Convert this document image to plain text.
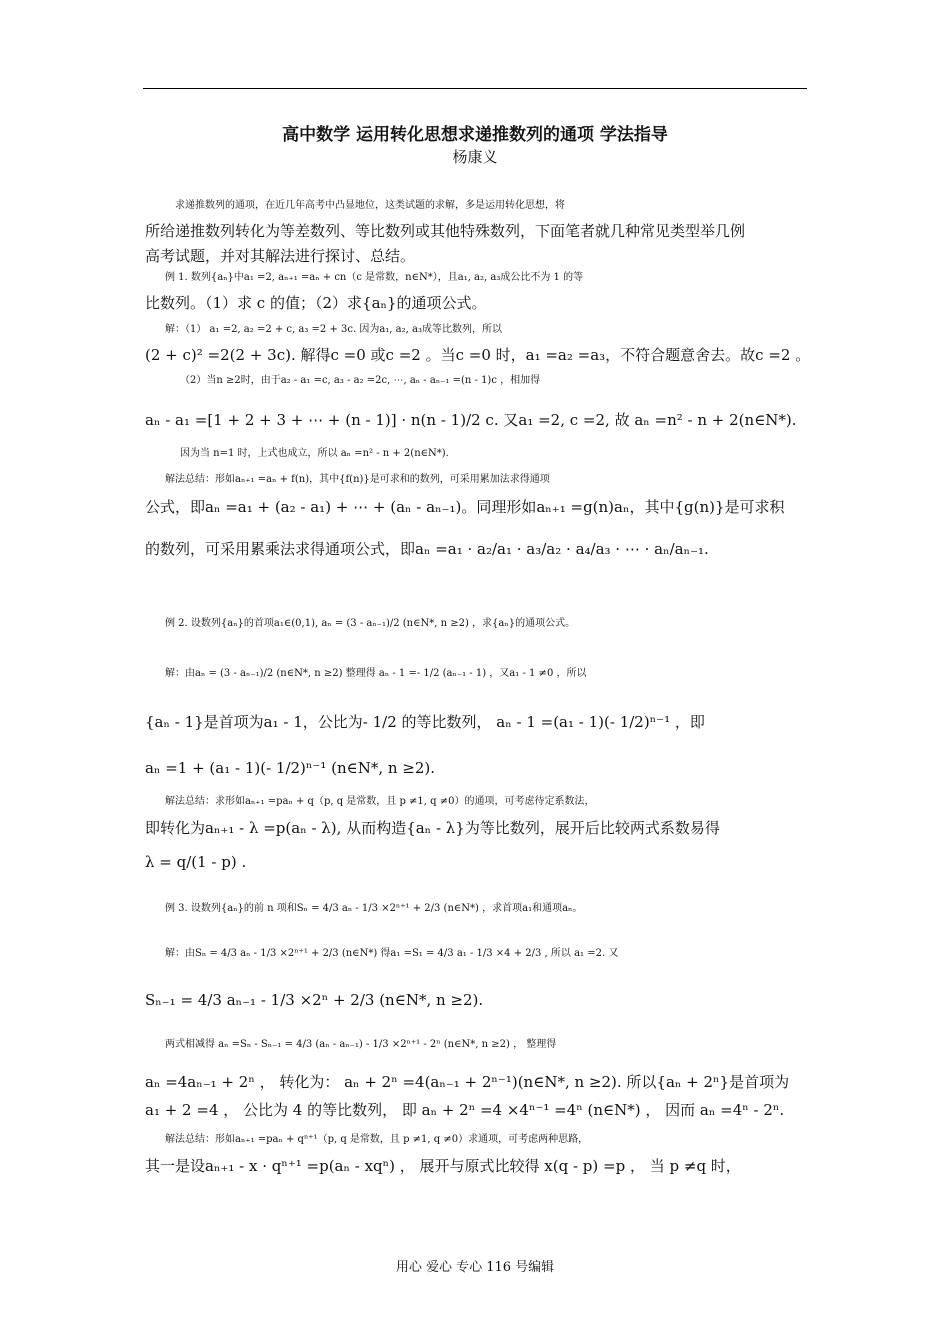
高中数学 运用转化思想求递推数列的通项 学法指导
杨康义
求递推数列的通项，在近几年高考中凸显地位，这类试题的求解，多是运用转化思想，将
所给递推数列转化为等差数列、等比数列或其他特殊数列，下面笔者就几种常见类型举几例
高考试题，并对其解法进行探讨、总结。
例 1. 数列{aₙ}中a₁ =2, aₙ₊₁ =aₙ + cn（c 是常数，n∈N*），且a₁, a₂, a₃成公比不为 1 的等
比数列。（1）求 c 的值；（2）求{aₙ}的通项公式。
解：（1） a₁ =2, a₂ =2 + c, a₃ =2 + 3c. 因为a₁, a₂, a₃成等比数列，所以
(2 + c)² =2(2 + 3c). 解得c =0 或c =2 。当c =0 时，a₁ =a₂ =a₃，不符合题意舍去。故c =2 。
（2）当n ≥2时，由于a₂ - a₁ =c, a₃ - a₂ =2c, ⋯, aₙ - aₙ₋₁ =(n - 1)c ，相加得
aₙ - a₁ =[1 + 2 + 3 + ⋯ + (n - 1)] · n(n - 1)/2 c. 又a₁ =2, c =2, 故 aₙ =n² - n + 2(n∈N*).
因为当 n=1 时，上式也成立，所以 aₙ =n² - n + 2(n∈N*).
解法总结：形如aₙ₊₁ =aₙ + f(n)，其中{f(n)}是可求和的数列，可采用累加法求得通项
公式，即aₙ =a₁ + (a₂ - a₁) + ⋯ + (aₙ - aₙ₋₁)。同理形如aₙ₊₁ =g(n)aₙ，其中{g(n)}是可求积
的数列，可采用累乘法求得通项公式，即aₙ =a₁ · a₂/a₁ · a₃/a₂ · a₄/a₃ · ⋯ · aₙ/aₙ₋₁.
例 2. 设数列{aₙ}的首项a₁∈(0,1), aₙ = (3 - aₙ₋₁)/2 (n∈N*, n ≥2) ，求{aₙ}的通项公式。
解：由aₙ = (3 - aₙ₋₁)/2 (n∈N*, n ≥2) 整理得 aₙ - 1 =- 1/2 (aₙ₋₁ - 1) ，又a₁ - 1 ≠0 ，所以
{aₙ - 1}是首项为a₁ - 1，公比为- 1/2 的等比数列， aₙ - 1 =(a₁ - 1)(- 1/2)ⁿ⁻¹ ，即
aₙ =1 + (a₁ - 1)(- 1/2)ⁿ⁻¹ (n∈N*, n ≥2).
解法总结：求形如aₙ₊₁ =paₙ + q（p, q 是常数，且 p ≠1, q ≠0）的通项，可考虑待定系数法，
即转化为aₙ₊₁ - λ =p(aₙ - λ), 从而构造{aₙ - λ}为等比数列，展开后比较两式系数易得
λ = q/(1 - p) .
例 3. 设数列{aₙ}的前 n 项和Sₙ = 4/3 aₙ - 1/3 ×2ⁿ⁺¹ + 2/3 (n∈N*) ，求首项a₁和通项aₙ。
解：由Sₙ = 4/3 aₙ - 1/3 ×2ⁿ⁺¹ + 2/3 (n∈N*) 得a₁ =S₁ = 4/3 a₁ - 1/3 ×4 + 2/3 , 所以 a₁ =2. 又
Sₙ₋₁ = 4/3 aₙ₋₁ - 1/3 ×2ⁿ + 2/3 (n∈N*, n ≥2).
两式相减得 aₙ =Sₙ - Sₙ₋₁ = 4/3 (aₙ - aₙ₋₁) - 1/3 ×2ⁿ⁺¹ - 2ⁿ (n∈N*, n ≥2) ， 整理得
aₙ =4aₙ₋₁ + 2ⁿ ， 转化为： aₙ + 2ⁿ =4(aₙ₋₁ + 2ⁿ⁻¹)(n∈N*, n ≥2). 所以{aₙ + 2ⁿ}是首项为
a₁ + 2 =4 ， 公比为 4 的等比数列， 即 aₙ + 2ⁿ =4 ×4ⁿ⁻¹ =4ⁿ (n∈N*) ， 因而 aₙ =4ⁿ - 2ⁿ.
解法总结：形如aₙ₊₁ =paₙ + qⁿ⁺¹（p, q 是常数，且 p ≠1, q ≠0）求通项，可考虑两种思路，
其一是设aₙ₊₁ - x · qⁿ⁺¹ =p(aₙ - xqⁿ) ， 展开与原式比较得 x(q - p) =p ， 当 p ≠q 时，
用心 爱心 专心 116 号编辑
